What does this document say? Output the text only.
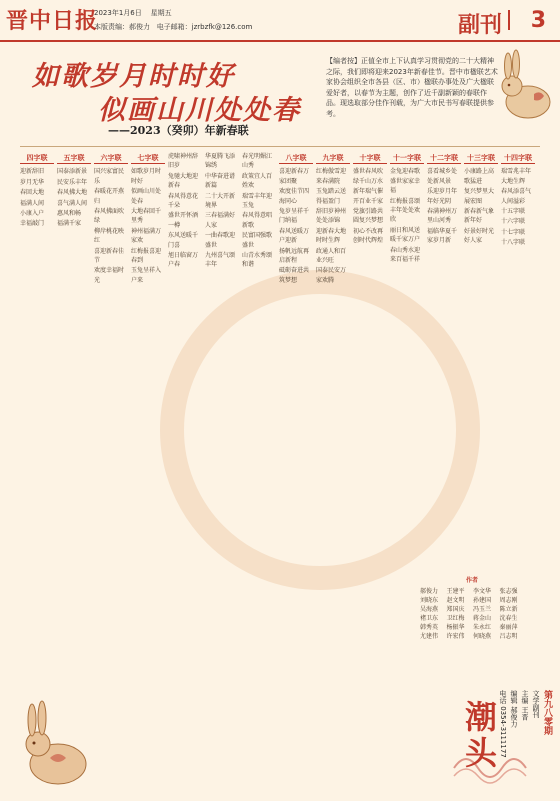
晋中日报
2023年1月6日 星期五
本版责编：郝俊力 电子邮箱：jzrbzfk@126.com	副刊 3
如歌岁月时时好
似画山川处处春
——2023（癸卯）年新春联
【编者按】正值全市上下认真学习贯彻党的二十大精神之际，我们即将迎来2023年新春佳节。晋中市楹联艺术家协会组织全市各县（区、市）楹联办事处及广大楹联爱好者，以春节为主题，创作了近千副新颖的春联作品。现选取部分佳作刊载，为广大市民书写春联提供参考。
四字联
迎新辞旧
岁月无华
春回大地
福满人间
小康入户
幸福敲门
五字联
国泰添新景
民安乐丰年
春风拂大地
喜气满人间
惠风和畅
福满千家
六字联
国兴家富民乐
春暖花开燕归
春风拂面吹绿
柳岸桃花映红
喜迎新春佳节
欢度幸福时光
七字联
如歌岁月时时好
似画山川处处春
大地春回千里秀
神州福满万家欢
红梅报喜迎春到
玉兔呈祥入户来
虎啸神州辞旧岁
兔驰大地迎新春
春风得意花千朵
盛世开怀酒一樽
东风送暖千门喜
旭日临窗万户春
华夏腾飞添锦绣
中华奋进谱新篇
二十大开新境界
三春福满好人家
一曲春歌迎盛世
九州喜气颂丰年
春光明媚江山秀
政策宜人百姓欢
瑞雪丰年迎玉兔
春风得意唱新歌
民富国强歌盛世
山青水秀颂和谐
八字联
喜迎新春万家团聚
欢度佳节四海同心
兔岁呈祥千门纳福
春风送暖万户迎新
扬帆远航再启新程
砥砺奋进共筑梦想
九字联
红梅傲雪迎来春满院
玉兔踏云送得福盈门
辞旧岁神州处处添锦
迎新春大地时时生辉
政通人和百业兴旺
国泰民安万家欢腾
十字联
盛世春风吹绿千山万水
新年瑞气催开百业千家
党旗引路共圆复兴梦想
初心不改再创时代辉煌
十一字联
金兔迎春歌盛世家家幸福
红梅报喜颂丰年处处欢欣
丽日和风送暖千家万户
春山秀水迎来百福千祥
十二字联
喜看城乡处处新风景
乐迎岁月年年好光阴
春满神州万里山河秀
福临华夏千家岁月新
十三字联
小康路上高歌猛进
复兴梦里大展宏图
新春新气象新年好
好景好时光好人家
十四字联
瑞雪兆丰年大地生辉
春风添喜气人间溢彩
十五字联
十六字联
十七字联
十八字联
作者
郝俊力	王建平	李文华	张志强
刘晓东	赵文明	孙建国	周志刚
吴海燕	郑国庆	冯玉兰	陈立新
褚卫东	卫红梅	蒋金山	沈春生
韩秀英	杨振华	朱永红	秦丽萍
尤建伟	许宏伟	何晓燕	吕志明
潮头	第九八零期
文学副刊
主编 王晋
编辑 郝俊力
电话 0354-3111177
